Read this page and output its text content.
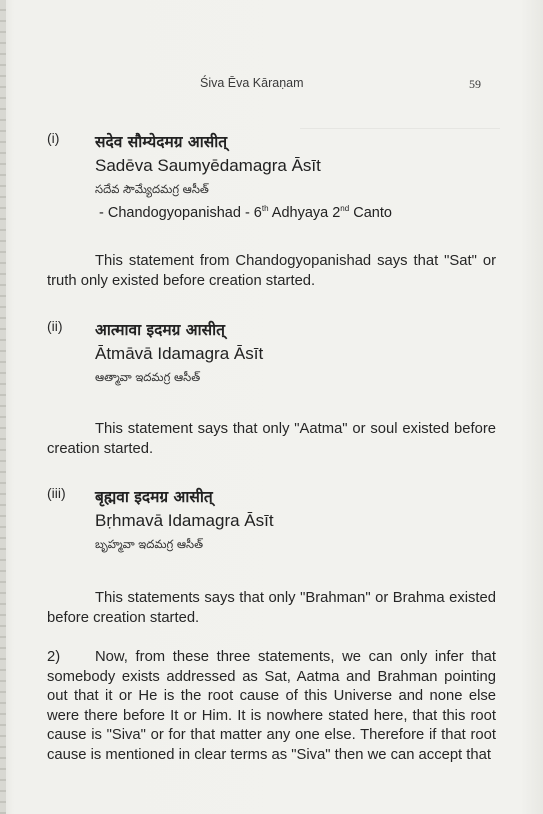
Śiva Ēva Kāraṇam	59
(i) सदेव सौम्येदमग्र आसीत्
Sadēva Saumyēdamagra Āsīt
సదేవ సౌమ్యేదమగ్ర ఆసీత్
- Chandogyopanishad - 6th Adhyaya 2nd Canto
This statement from Chandogyopanishad says that "Sat" or truth only existed before creation started.
(ii) आत्मावा इदमग्र आसीत्
Ātmāvā Idamagra Āsīt
ఆత్మావా ఇదమగ్ర ఆసీత్
This statement says that only "Aatma" or soul existed before creation started.
(iii) बृह्मवा इदमग्र आसीत्
Bṛhmavā Idamagra Āsīt
బృహ్మవా ఇదమగ్ర ఆసీత్
This statements says that only "Brahman" or Brahma existed before creation started.
2) Now, from these three statements, we can only infer that somebody exists addressed as Sat, Aatma and Brahman pointing out that it or He is the root cause of this Universe and none else were there before It or Him. It is nowhere stated here, that this root cause is "Siva" or for that matter any one else. Therefore if that root cause is mentioned in clear terms as "Siva" then we can accept that
